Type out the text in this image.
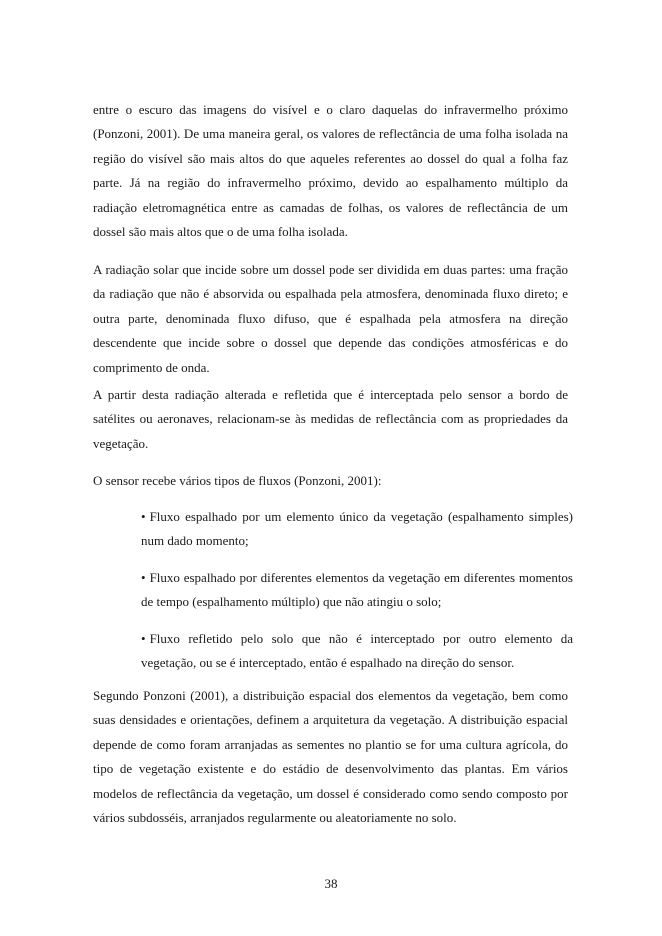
entre o escuro das imagens do visível e o claro daquelas do infravermelho próximo (Ponzoni, 2001). De uma maneira geral, os valores de reflectância de uma folha isolada na região do visível são mais altos do que aqueles referentes ao dossel do qual a folha faz parte. Já na região do infravermelho próximo, devido ao espalhamento múltiplo da radiação eletromagnética entre as camadas de folhas, os valores de reflectância de um dossel são mais altos que o de uma folha isolada.

A radiação solar que incide sobre um dossel pode ser dividida em duas partes: uma fração da radiação que não é absorvida ou espalhada pela atmosfera, denominada fluxo direto; e outra parte, denominada fluxo difuso, que é espalhada pela atmosfera na direção descendente que incide sobre o dossel que depende das condições atmosféricas e do comprimento de onda.

A partir desta radiação alterada e refletida que é interceptada pelo sensor a bordo de satélites ou aeronaves, relacionam-se às medidas de reflectância com as propriedades da vegetação.

O sensor recebe vários tipos de fluxos (Ponzoni, 2001):

• Fluxo espalhado por um elemento único da vegetação (espalhamento simples) num dado momento;
• Fluxo espalhado por diferentes elementos da vegetação em diferentes momentos de tempo (espalhamento múltiplo) que não atingiu o solo;
• Fluxo refletido pelo solo que não é interceptado por outro elemento da vegetação, ou se é interceptado, então é espalhado na direção do sensor.

Segundo Ponzoni (2001), a distribuição espacial dos elementos da vegetação, bem como suas densidades e orientações, definem a arquitetura da vegetação. A distribuição espacial depende de como foram arranjadas as sementes no plantio se for uma cultura agrícola, do tipo de vegetação existente e do estádio de desenvolvimento das plantas. Em vários modelos de reflectância da vegetação, um dossel é considerado como sendo composto por vários subdosséis, arranjados regularmente ou aleatoriamente no solo.

38
